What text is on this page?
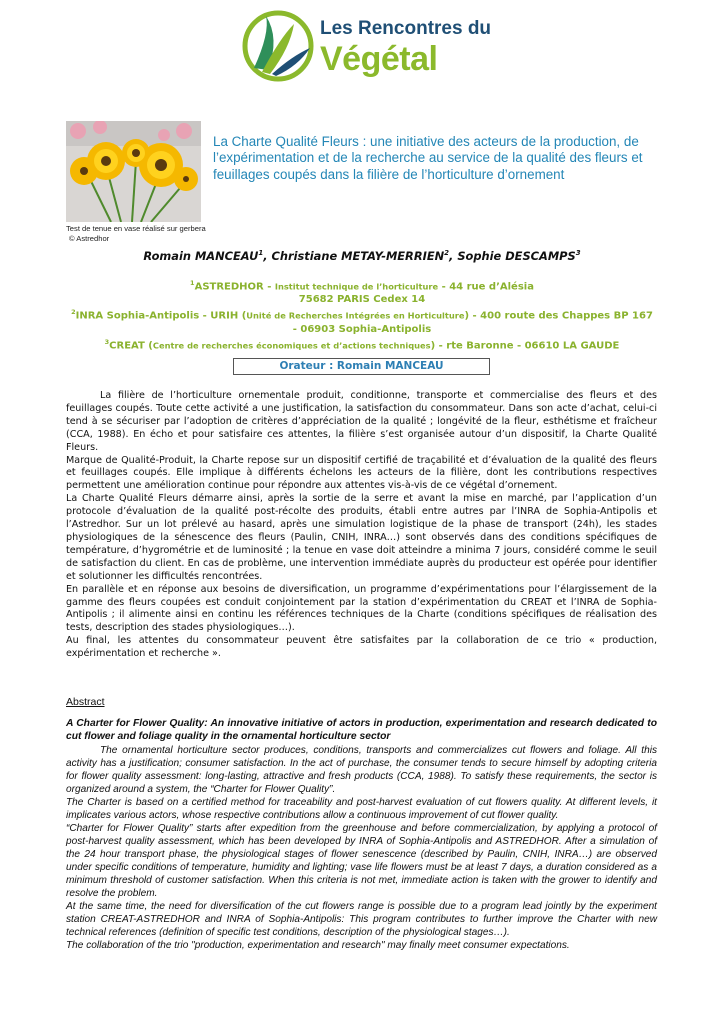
Les Rencontres du
Végétal
Test de tenue en vase réalisé sur gerbera
© Astredhor
La Charte Qualité Fleurs : une initiative des acteurs de la production, de l’expérimentation et de la recherche au service de la qualité des fleurs et feuillages coupés dans la filière de l’horticulture d’ornement
Romain MANCEAU$^1$, Christiane METAY-MERRIEN$^2$, Sophie DESCAMPS$^3$
$^1$ASTREDHOR - Institut technique de l’horticulture - 44 rue d’Alésia
75682 PARIS Cedex 14
$^2$INRA Sophia-Antipolis - URIH (Unité de Recherches Intégrées en Horticulture) - 400 route des Chappes BP 167
- 06903 Sophia-Antipolis
$^3$CREAT (Centre de recherches économiques et d’actions techniques) - rte Baronne - 06610 LA GAUDE
Orateur : Romain MANCEAU

La filière de l’horticulture ornementale produit, conditionne, transporte et commercialise des fleurs et des feuillages coupés. Toute cette activité a une justification, la satisfaction du consommateur. Dans son acte d’achat, celui-ci tend à se sécuriser par l’adoption de critères d’appréciation de la qualité ; longévité de la fleur, esthétisme et fraîcheur (CCA, 1988). En écho et pour satisfaire ces attentes, la filière s’est organisée autour d’un dispositif, la Charte Qualité Fleurs.

Marque de Qualité-Produit, la Charte repose sur un dispositif certifié de traçabilité et d’évaluation de la qualité des fleurs et feuillages coupés. Elle implique à différents échelons les acteurs de la filière, dont les contributions respectives permettent une amélioration continue pour répondre aux attentes vis-à-vis de ce végétal d’ornement.

La Charte Qualité Fleurs démarre ainsi, après la sortie de la serre et avant la mise en marché, par l’application d’un protocole d’évaluation de la qualité post-récolte des produits, établi entre autres par l’INRA de Sophia-Antipolis et l’Astredhor. Sur un lot prélevé au hasard, après une simulation logistique de la phase de transport (24h), les stades physiologiques de la sénescence des fleurs (Paulin, CNIH, INRA…) sont observés dans des conditions spécifiques de température, d’hygrométrie et de luminosité ; la tenue en vase doit atteindre a minima 7 jours, considéré comme le seuil de satisfaction du client. En cas de problème, une intervention immédiate auprès du producteur est opérée pour identifier et solutionner les difficultés rencontrées.

En parallèle et en réponse aux besoins de diversification, un programme d’expérimentations pour l’élargissement de la gamme des fleurs coupées est conduit conjointement par la station d’expérimentation du CREAT et l’INRA de Sophia-Antipolis ; il alimente ainsi en continu les références techniques de la Charte (conditions spécifiques de réalisation des tests, description des stades physiologiques…).

Au final, les attentes du consommateur peuvent être satisfaites par la collaboration de ce trio « production, expérimentation et recherche ».

Abstract
A Charter for Flower Quality: An innovative initiative of actors in production, experimentation and research dedicated to cut flower and foliage quality in the ornamental horticulture sector

The ornamental horticulture sector produces, conditions, transports and commercializes cut flowers and foliage. All this activity has a justification; consumer satisfaction. In the act of purchase, the consumer tends to secure himself by adopting criteria for flower quality assessment: long-lasting, attractive and fresh products (CCA, 1988). To satisfy these requirements, the sector is organized around a system, the “Charter for Flower Quality”.

The Charter is based on a certified method for traceability and post-harvest evaluation of cut flowers quality. At different levels, it implicates various actors, whose respective contributions allow a continuous improvement of cut flower quality.

“Charter for Flower Quality” starts after expedition from the greenhouse and before commercialization, by applying a protocol of post-harvest quality assessment, which has been developed by INRA of Sophia-Antipolis and ASTREDHOR. After a simulation of the 24 hour transport phase, the physiological stages of flower senescence (described by Paulin, CNIH, INRA…) are observed under specific conditions of temperature, humidity and lighting; vase life flowers must be at least 7 days, a duration considered as a minimum threshold of customer satisfaction. When this criteria is not met, immediate action is taken with the grower to identify and resolve the problem.

At the same time, the need for diversification of the cut flowers range is possible due to a program lead jointly by the experiment station CREAT-ASTREDHOR and INRA of Sophia-Antipolis: This program contributes to further improve the Charter with new technical references (definition of specific test conditions, description of the physiological stages…).

The collaboration of the trio "production, experimentation and research" may finally meet consumer expectations.
